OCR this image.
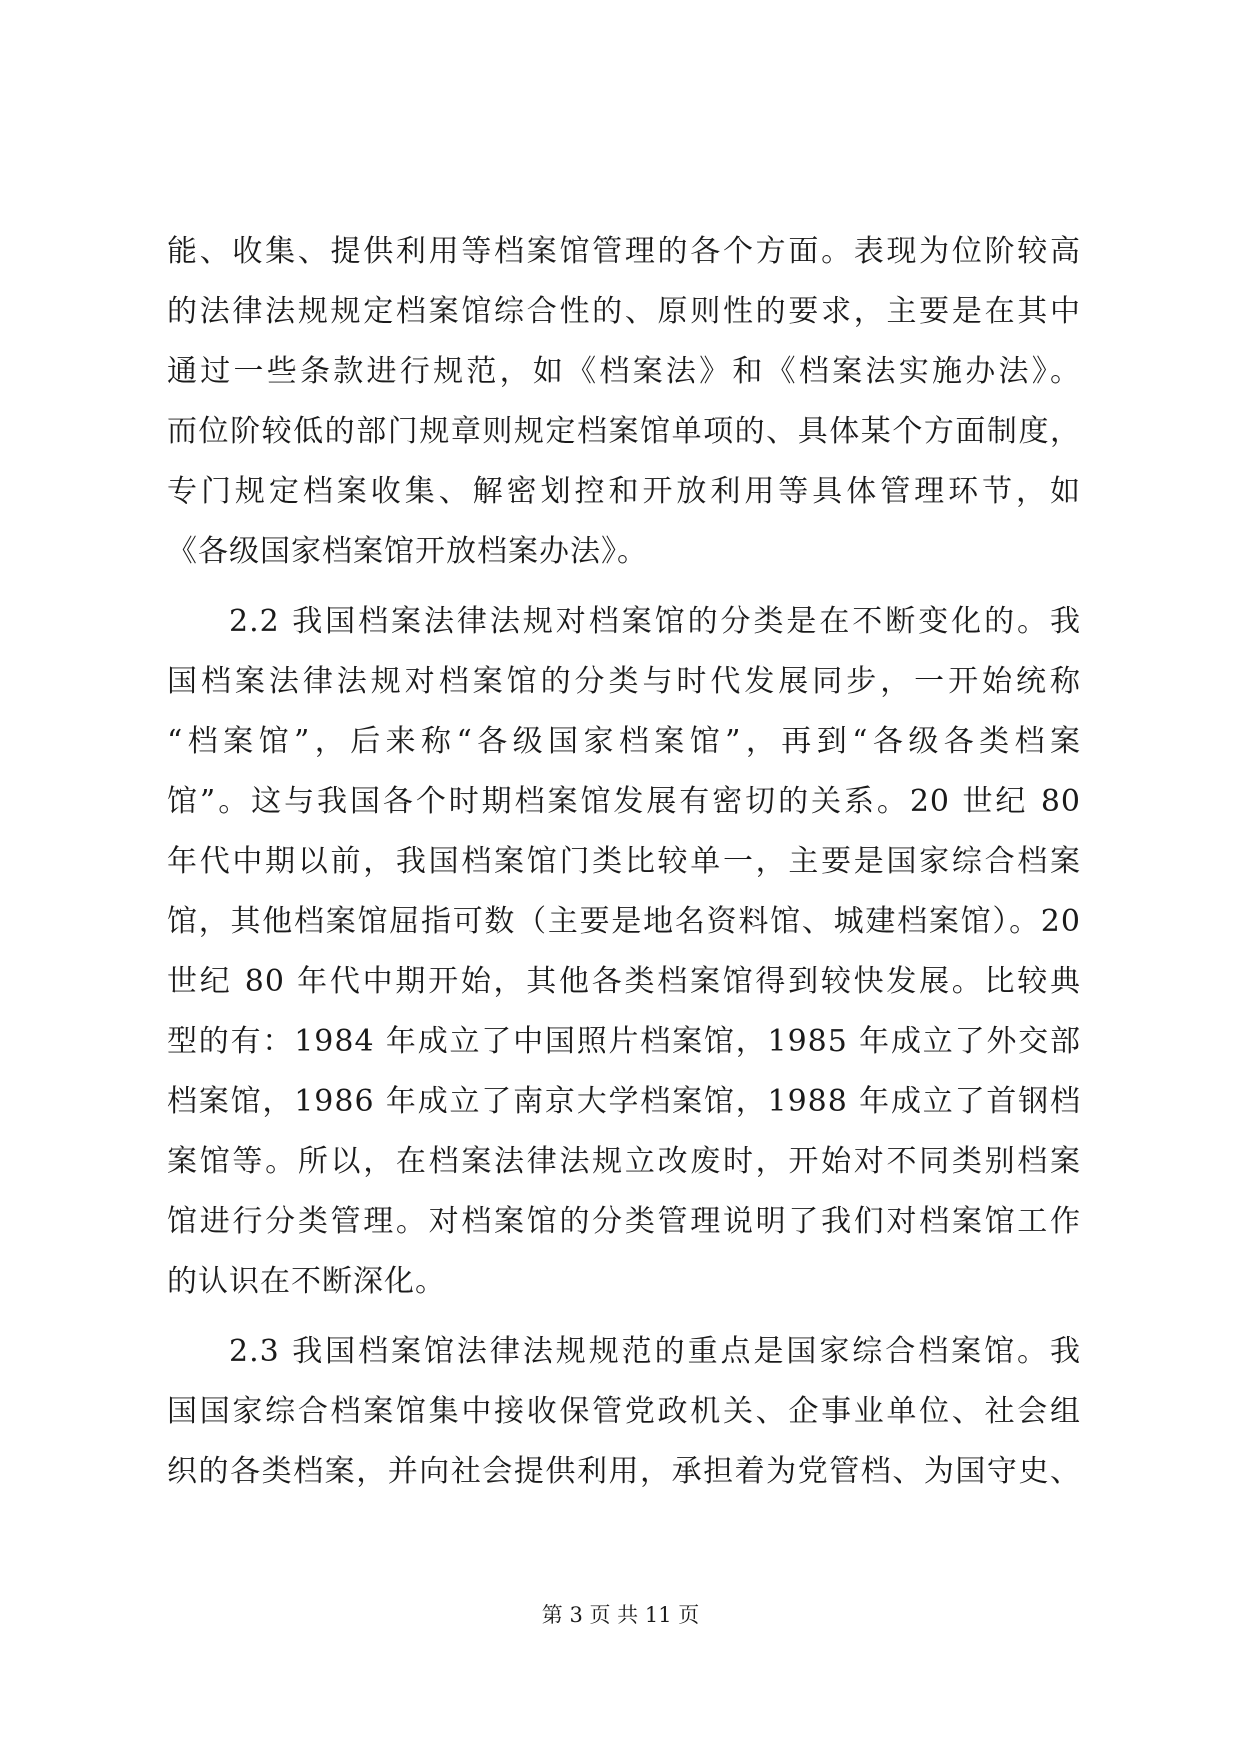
能、收集、提供利用等档案馆管理的各个方面。表现为位阶较高
的法律法规规定档案馆综合性的、原则性的要求，主要是在其中
通过一些条款进行规范，如《档案法》和《档案法实施办法》。
而位阶较低的部门规章则规定档案馆单项的、具体某个方面制度，
专门规定档案收集、解密划控和开放利用等具体管理环节，如
《各级国家档案馆开放档案办法》。
2.2 我国档案法律法规对档案馆的分类是在不断变化的。我
国档案法律法规对档案馆的分类与时代发展同步，一开始统称
“档案馆”，后来称“各级国家档案馆”，再到“各级各类档案
馆”。这与我国各个时期档案馆发展有密切的关系。20 世纪 80
年代中期以前，我国档案馆门类比较单一，主要是国家综合档案
馆，其他档案馆屈指可数（主要是地名资料馆、城建档案馆）。20
世纪 80 年代中期开始，其他各类档案馆得到较快发展。比较典
型的有：1984 年成立了中国照片档案馆，1985 年成立了外交部
档案馆，1986 年成立了南京大学档案馆，1988 年成立了首钢档
案馆等。所以，在档案法律法规立改废时，开始对不同类别档案
馆进行分类管理。对档案馆的分类管理说明了我们对档案馆工作
的认识在不断深化。
2.3 我国档案馆法律法规规范的重点是国家综合档案馆。我
国国家综合档案馆集中接收保管党政机关、企事业单位、社会组
织的各类档案，并向社会提供利用，承担着为党管档、为国守史、
第 3 页 共 11 页
